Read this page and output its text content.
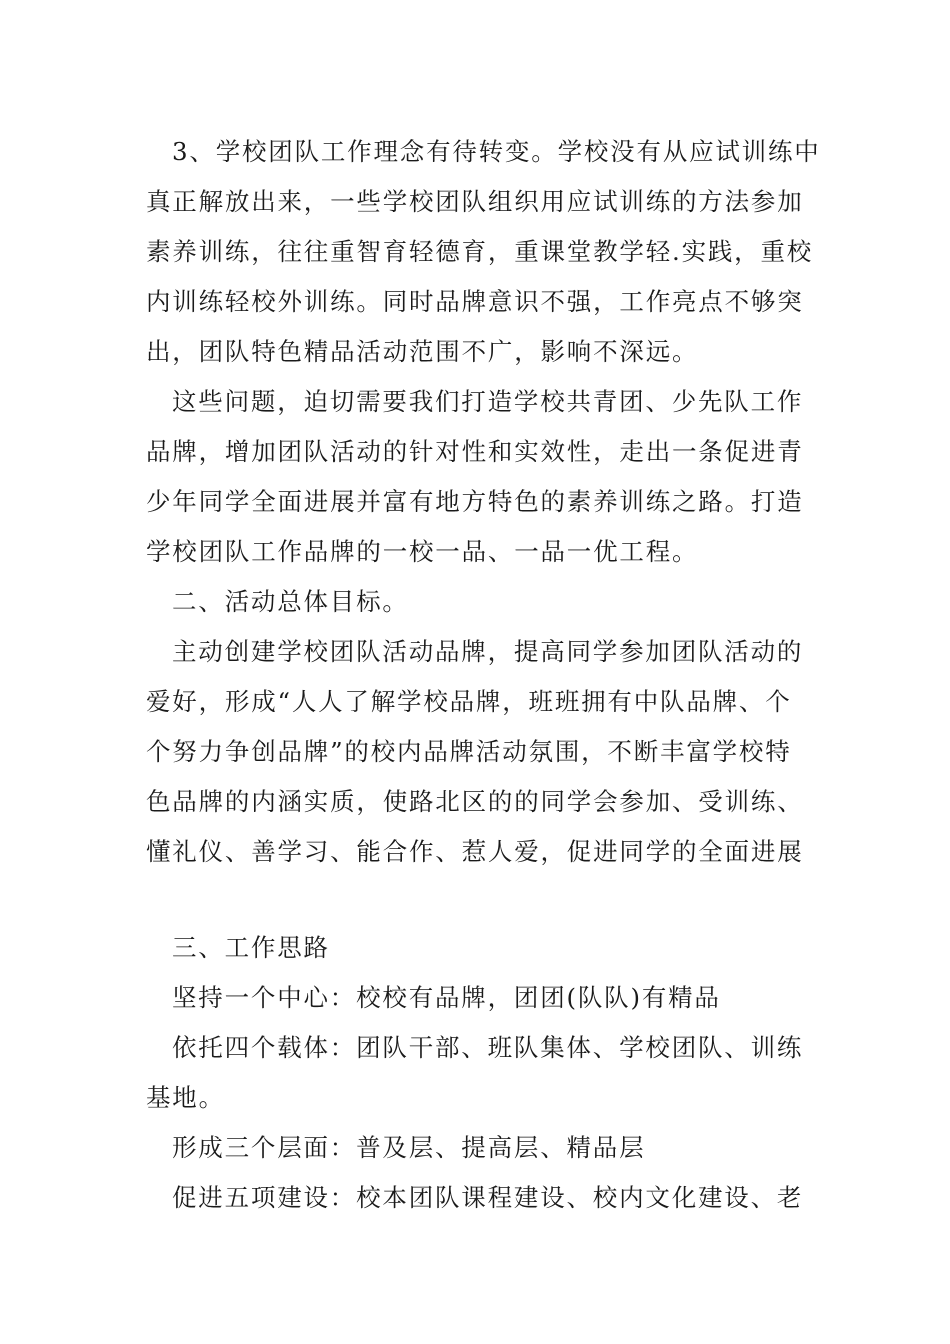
3、学校团队工作理念有待转变。学校没有从应试训练中
真正解放出来，一些学校团队组织用应试训练的方法参加
素养训练，往往重智育轻德育，重课堂教学轻.实践，重校
内训练轻校外训练。同时品牌意识不强，工作亮点不够突
出，团队特色精品活动范围不广，影响不深远。
这些问题，迫切需要我们打造学校共青团、少先队工作
品牌，增加团队活动的针对性和实效性，走出一条促进青
少年同学全面进展并富有地方特色的素养训练之路。打造
学校团队工作品牌的一校一品、一品一优工程。
二、活动总体目标。
主动创建学校团队活动品牌，提高同学参加团队活动的
爱好，形成“人人了解学校品牌，班班拥有中队品牌、个
个努力争创品牌”的校内品牌活动氛围，不断丰富学校特
色品牌的内涵实质，使路北区的的同学会参加、受训练、
懂礼仪、善学习、能合作、惹人爱，促进同学的全面进展
三、工作思路
坚持一个中心：校校有品牌，团团(队队)有精品
依托四个载体：团队干部、班队集体、学校团队、训练
基地。
形成三个层面：普及层、提高层、精品层
促进五项建设：校本团队课程建设、校内文化建设、老
